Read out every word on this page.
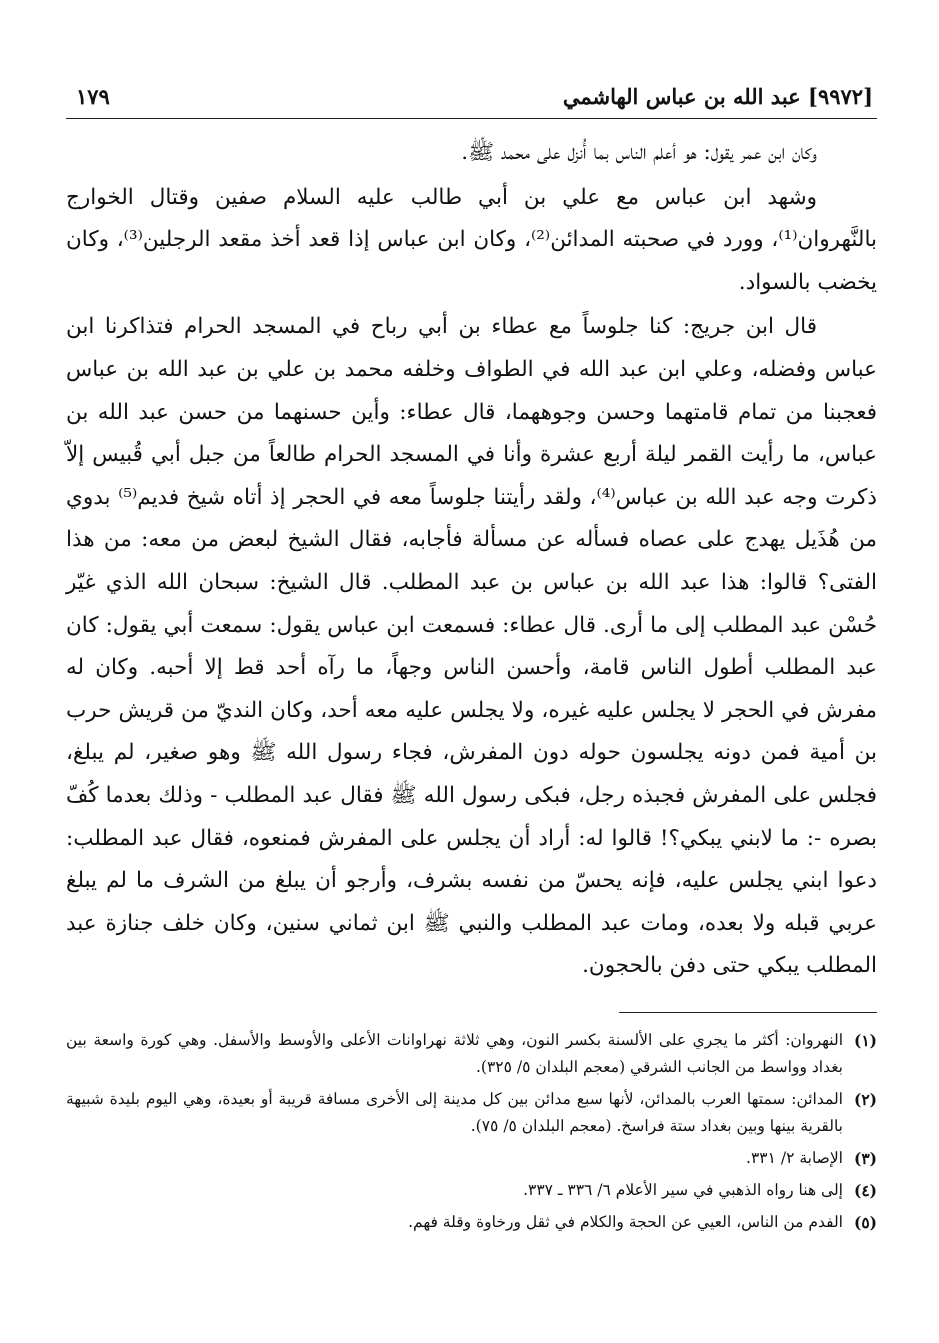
[٩٩٧٢] عبد الله بن عباس الهاشمي
١٧٩

وكان ابن عمر يقول: هو أعلم الناس بما أُنزل على محمد ﷺ.

وشهد ابن عباس مع علي بن أبي طالب عليه السلام صفين وقتال الخوارج بالنَّهروان⁽¹⁾، وورد في صحبته المدائن⁽²⁾، وكان ابن عباس إذا قعد أخذ مقعد الرجلين⁽³⁾، وكان يخضب بالسواد.

قال ابن جريج: كنا جلوساً مع عطاء بن أبي رباح في المسجد الحرام فتذاكرنا ابن عباس وفضله، وعلي ابن عبد الله في الطواف وخلفه محمد بن علي بن عبد الله بن عباس فعجبنا من تمام قامتهما وحسن وجوههما، قال عطاء: وأين حسنهما من حسن عبد الله بن عباس، ما رأيت القمر ليلة أربع عشرة وأنا في المسجد الحرام طالعاً من جبل أبي قُبيس إلاّ ذكرت وجه عبد الله بن عباس⁽⁴⁾، ولقد رأيتنا جلوساً معه في الحجر إذ أتاه شيخ فديم⁽⁵⁾ بدوي من هُذَيل يهدج على عصاه فسأله عن مسألة فأجابه، فقال الشيخ لبعض من معه: من هذا الفتى؟ قالوا: هذا عبد الله بن عباس بن عبد المطلب. قال الشيخ: سبحان الله الذي غيّر حُسْن عبد المطلب إلى ما أرى. قال عطاء: فسمعت ابن عباس يقول: سمعت أبي يقول: كان عبد المطلب أطول الناس قامة، وأحسن الناس وجهاً، ما رآه أحد قط إلا أحبه. وكان له مفرش في الحجر لا يجلس عليه غيره، ولا يجلس عليه معه أحد، وكان النديّ من قريش حرب بن أمية فمن دونه يجلسون حوله دون المفرش، فجاء رسول الله ﷺ وهو صغير، لم يبلغ، فجلس على المفرش فجبذه رجل، فبكى رسول الله ﷺ فقال عبد المطلب - وذلك بعدما كُفّ بصره -: ما لابني يبكي؟! قالوا له: أراد أن يجلس على المفرش فمنعوه، فقال عبد المطلب: دعوا ابني يجلس عليه، فإنه يحسّ من نفسه بشرف، وأرجو أن يبلغ من الشرف ما لم يبلغ عربي قبله ولا بعده، ومات عبد المطلب والنبي ﷺ ابن ثماني سنين، وكان خلف جنازة عبد المطلب يبكي حتى دفن بالحجون.

(١)
النهروان: أكثر ما يجري على الألسنة بكسر النون، وهي ثلاثة نهراوانات الأعلى والأوسط والأسفل. وهي كورة واسعة بين بغداد وواسط من الجانب الشرقي (معجم البلدان ٥/ ٣٢٥).
(٢)
المدائن: سمتها العرب بالمدائن، لأنها سبع مدائن بين كل مدينة إلى الأخرى مسافة قريبة أو بعيدة، وهي اليوم بليدة شبيهة بالقرية بينها وبين بغداد ستة فراسخ. (معجم البلدان ٥/ ٧٥).
(٣)
الإصابة ٢/ ٣٣١.
(٤)
إلى هنا رواه الذهبي في سير الأعلام ٦/ ٣٣٦ ـ ٣٣٧.
(٥)
الفدم من الناس، العيي عن الحجة والكلام في ثقل ورخاوة وقلة فهم.
